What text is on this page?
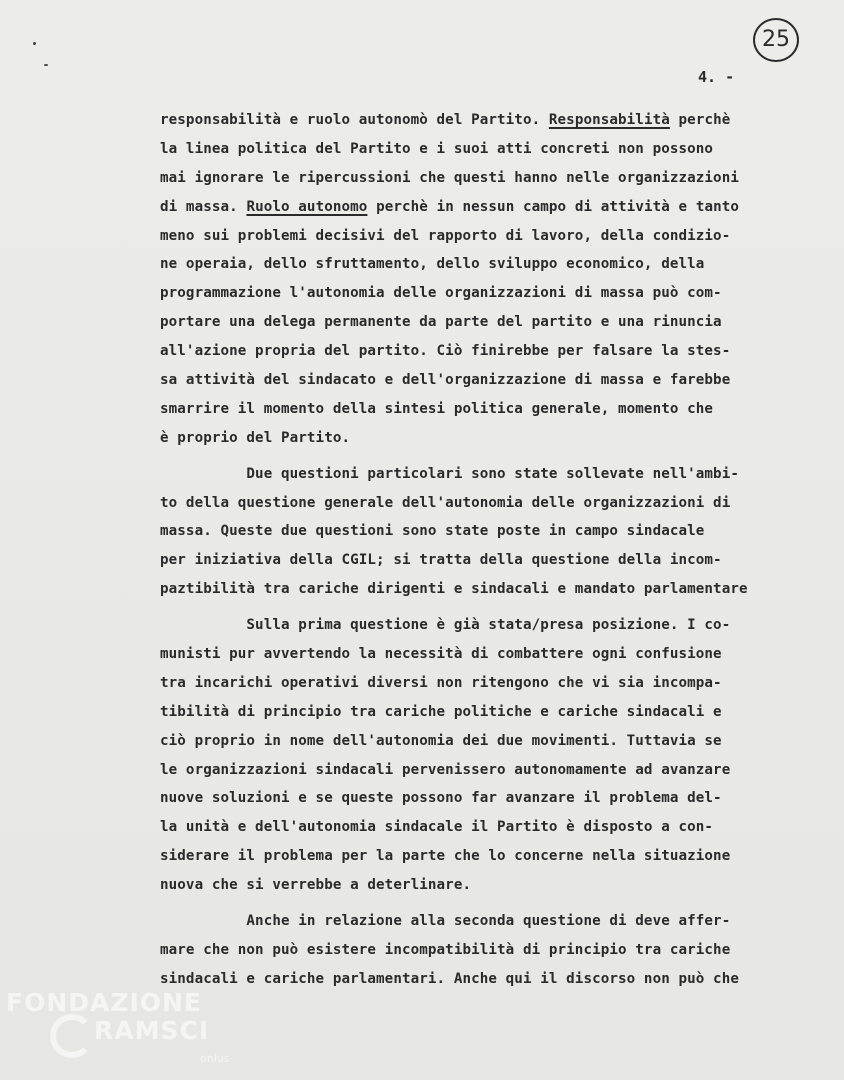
25
4. -
responsabilità e ruolo autonomò del Partito. Responsabilità perchè
la linea politica del Partito e i suoi atti concreti non possono
mai ignorare le ripercussioni che questi hanno nelle organizzazioni
di massa. Ruolo autonomo perchè in nessun campo di attività e tanto
meno sui problemi decisivi del rapporto di lavoro, della condizio-
ne operaia, dello sfruttamento, dello sviluppo economico, della
programmazione l'autonomia delle organizzazioni di massa può com-
portare una delega permanente da parte del partito e una rinuncia
all'azione propria del partito. Ciò finirebbe per falsare la stes-
sa attività del sindacato e dell'organizzazione di massa e farebbe
smarrire il momento della sintesi politica generale, momento che
è proprio del Partito.
Due questioni particolari sono state sollevate nell'ambi-
to della questione generale dell'autonomia delle organizzazioni di
massa. Queste due questioni sono state poste in campo sindacale
per iniziativa della CGIL; si tratta della questione della incom-
paztibilità tra cariche dirigenti e sindacali e mandato parlamentare
Sulla prima questione è già stata/presa posizione. I co-
munisti pur avvertendo la necessità di combattere ogni confusione
tra incarichi operativi diversi non ritengono che vi sia incompa-
tibilità di principio tra cariche politiche e cariche sindacali e
ciò proprio in nome dell'autonomia dei due movimenti. Tuttavia se
le organizzazioni sindacali pervenissero autonomamente ad avanzare
nuove soluzioni e se queste possono far avanzare il problema del-
la unità e dell'autonomia sindacale il Partito è disposto a con-
siderare il problema per la parte che lo concerne nella situazione
nuova che si verrebbe a deterlinare.
Anche in relazione alla seconda questione di deve affer-
mare che non può esistere incompatibilità di principio tra cariche
sindacali e cariche parlamentari. Anche qui il discorso non può che
FONDAZIONE
RAMSCI
onlus
